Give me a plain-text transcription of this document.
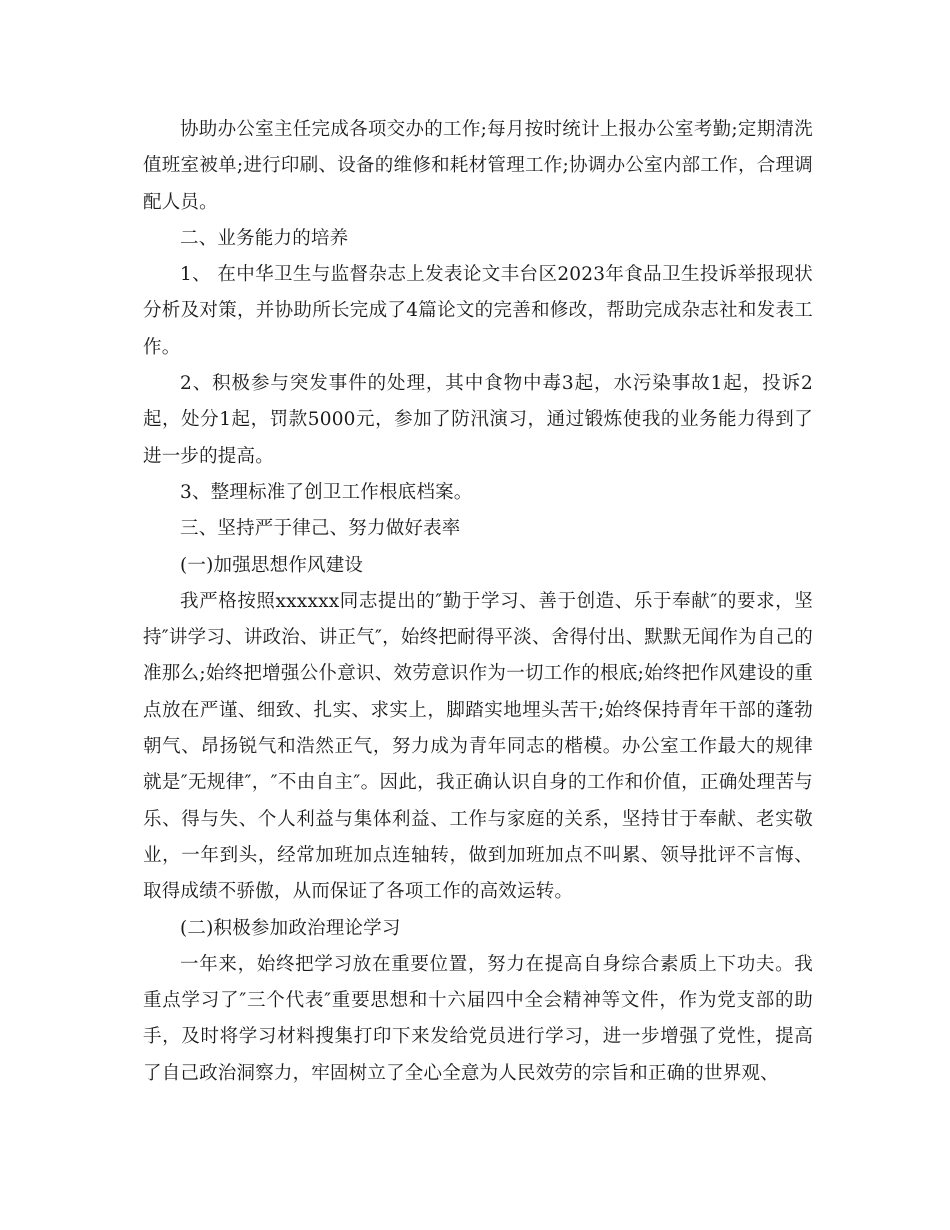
协助办公室主任完成各项交办的工作;每月按时统计上报办公室考勤;定期清洗值班室被单;进行印刷、设备的维修和耗材管理工作;协调办公室内部工作，合理调配人员。

二、业务能力的培养

1、 在中华卫生与监督杂志上发表论文丰台区2023年食品卫生投诉举报现状分析及对策，并协助所长完成了4篇论文的完善和修改，帮助完成杂志社和发表工作。

2、积极参与突发事件的处理，其中食物中毒3起，水污染事故1起，投诉2起，处分1起，罚款5000元，参加了防汛演习，通过锻炼使我的业务能力得到了进一步的提高。

3、整理标准了创卫工作根底档案。

三、坚持严于律己、努力做好表率

(一)加强思想作风建设

我严格按照xxxxxx同志提出的″勤于学习、善于创造、乐于奉献″的要求，坚持″讲学习、讲政治、讲正气″，始终把耐得平淡、舍得付出、默默无闻作为自己的准那么;始终把增强公仆意识、效劳意识作为一切工作的根底;始终把作风建设的重点放在严谨、细致、扎实、求实上，脚踏实地埋头苦干;始终保持青年干部的蓬勃朝气、昂扬锐气和浩然正气，努力成为青年同志的楷模。办公室工作最大的规律就是″无规律″，″不由自主″。因此，我正确认识自身的工作和价值，正确处理苦与乐、得与失、个人利益与集体利益、工作与家庭的关系，坚持甘于奉献、老实敬业，一年到头，经常加班加点连轴转，做到加班加点不叫累、领导批评不言悔、取得成绩不骄傲，从而保证了各项工作的高效运转。

(二)积极参加政治理论学习

一年来，始终把学习放在重要位置，努力在提高自身综合素质上下功夫。我重点学习了″三个代表″重要思想和十六届四中全会精神等文件，作为党支部的助手，及时将学习材料搜集打印下来发给党员进行学习，进一步增强了党性，提高了自己政治洞察力，牢固树立了全心全意为人民效劳的宗旨和正确的世界观、
